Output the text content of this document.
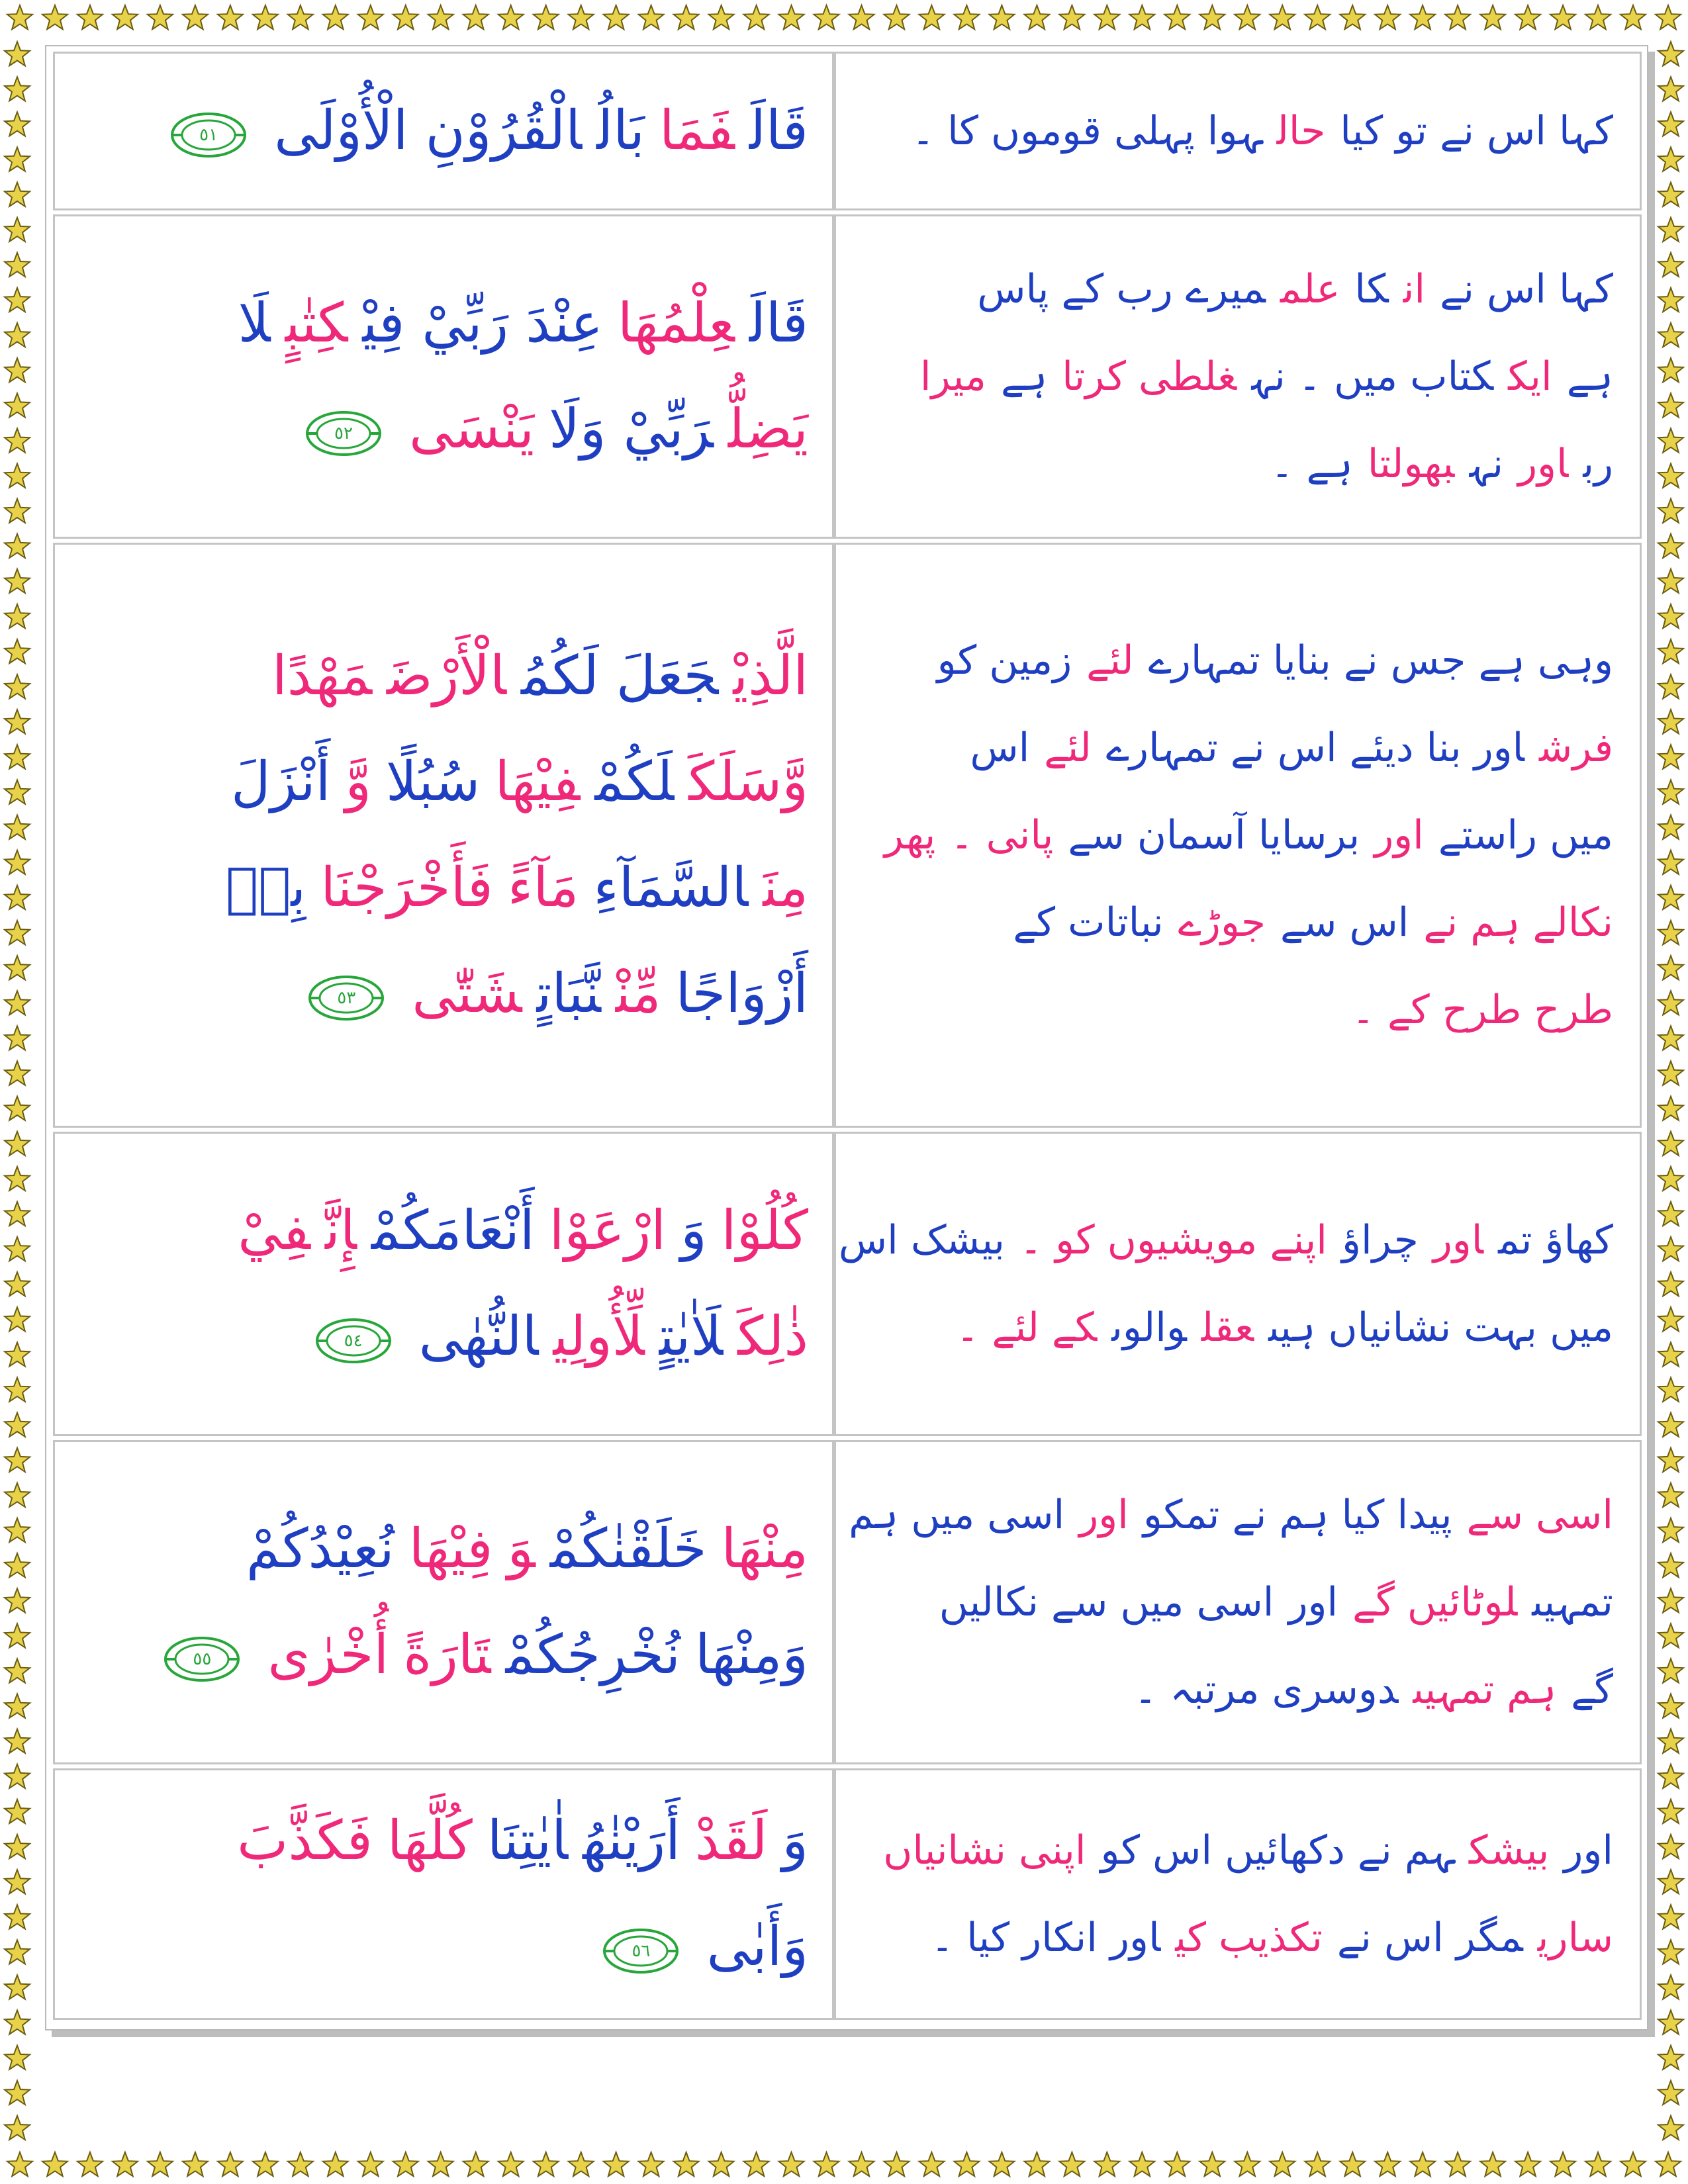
قَالَفَمَابَالُالْقُرُوْنِ الْأُوْلَى
٥١	کہا اس نے تو کیاحالہوا پہلی قوموں کا ۔
قَالَعِلْمُهَاعِنْدَ رَبِّيْ فِيْكِتٰبٍلَا
يَضِلُّرَبِّيْ وَلَايَنْسَى
٥٢
کہا اس نےانکاعلممیرے رب کے پاس
ہےایککتاب میں ۔ نہغلطی کرتاہےمیرا
رباورنہبھولتاہے ۔
الَّذِيْجَعَلَ لَكُمُالْأَرْضَمَهْدًا
وَّسَلَكَلَكُمْفِيْهَاسُبُلًاوَّأَنْزَلَ
مِنَالسَّمَآءِمَآءًفَأَخْرَجْنَابِهٖ
أَزْوَاجًامِّنْنَّبَاتٍشَتّٰى
٥٣
وہی ہے جس نے بنایا تمہارےلئےزمین کو
فرشاور بنا دیئے اس نے تمہارےلئےاس
میں راستےاوربرسایا آسمان سےپانی ۔پھر
نکالے ہم نےاس سےجوڑےنباتات کے
طرح طرح کے ۔
كُلُوْاوَارْعَوْاأَنْعَامَكُمْإِنَّفِيْ
ذٰلِكَلَاٰيٰتٍلِّأُولِيالنُّهٰى
٥٤
کھاؤ تماورچراؤاپنے مویشیوں کو ۔بیشک اس
میں بہت نشانیاں ہیںعقلوالوںکے لئے ۔
مِنْهَاخَلَقْنٰكُمْوَفِيْهَانُعِيْدُكُمْ
وَمِنْهَانُخْرِجُكُمْتَارَةًأُخْرٰى
٥٥
اسی سےپیدا کیا ہم نے تمکواوراسی میں ہم
تمہیںلوٹائیں گےاوراسی میں سے نکالیں
گےہم تمہیںدوسری مرتبہ ۔
وَلَقَدْأَرَيْنٰهُاٰيٰتِنَاكُلَّهَافَكَذَّبَ
وَأَبٰى
٥٦
اوربیشکہم نے دکھائیں اس کواپنی نشانیاں
ساریمگر اس نےتکذیب کیاور انکار کیا ۔
